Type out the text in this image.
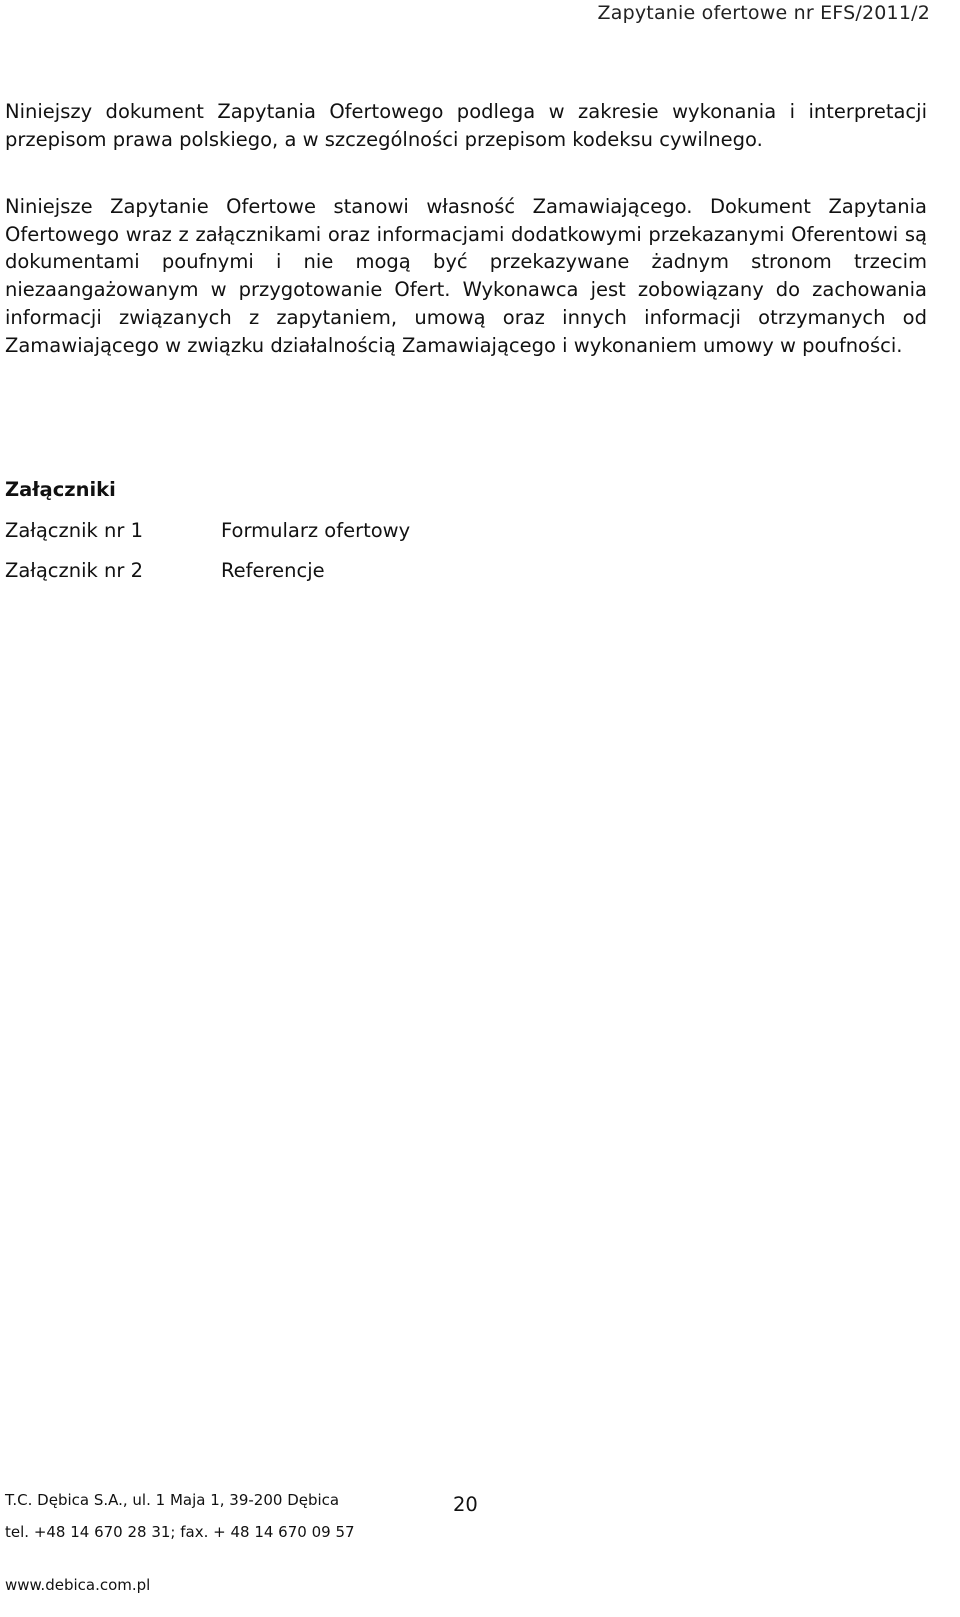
Zapytanie ofertowe nr EFS/2011/2

Niniejszy dokument Zapytania Ofertowego podlega w zakresie wykonania i interpretacji przepisom prawa polskiego, a w szczególności przepisom kodeksu cywilnego.

Niniejsze Zapytanie Ofertowe stanowi własność Zamawiającego. Dokument Zapytania Ofertowego wraz z załącznikami oraz informacjami dodatkowymi przekazanymi Oferentowi są dokumentami poufnymi i nie mogą być przekazywane żadnym stronom trzecim niezaangażowanym w przygotowanie Ofert. Wykonawca jest zobowiązany do zachowania informacji związanych z zapytaniem, umową oraz innych informacji otrzymanych od Zamawiającego w związku działalnością Zamawiającego i wykonaniem umowy w poufności.

Załączniki
Załącznik nr 1	Formularz ofertowy
Załącznik nr 2	Referencje
T.C. Dębica S.A., ul. 1 Maja 1, 39-200 Dębica	20
tel. +48 14 670 28 31; fax. + 48 14 670 09 57
www.debica.com.pl
